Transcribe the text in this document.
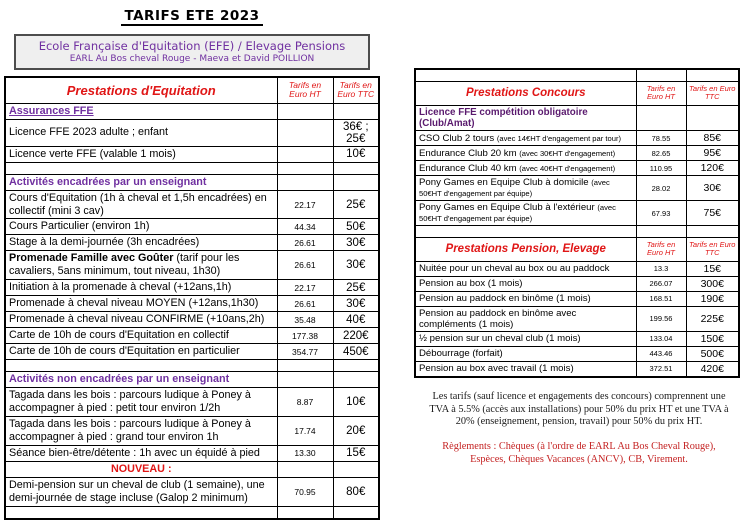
TARIFS ETE 2023
Ecole Française d'Equitation (EFE) / Elevage Pensions
EARL Au Bos cheval Rouge - Maeva et David POILLION
Prestations d'Equitation	Tarifs en Euro HT	Tarifs en Euro TTC
Assurances FFE		
Licence FFE 2023 adulte ; enfant		36€ ; 25€
Licence verte FFE (valable 1 mois)		10€

Activités encadrées par un enseignant		
Cours d'Equitation (1h à cheval et 1,5h encadrées) en collectif (mini 3 cav)	22.17	25€
Cours Particulier (environ 1h)	44.34	50€
Stage à la demi-journée (3h encadrées)	26.61	30€
Promenade Famille avec Goûter (tarif pour les cavaliers, 5ans minimum, tout niveau, 1h30)	26.61	30€
Initiation à la promenade à cheval (+12ans,1h)	22.17	25€
Promenade à cheval niveau MOYEN (+12ans,1h30)	26.61	30€
Promenade à cheval niveau CONFIRME (+10ans,2h)	35.48	40€
Carte de 10h de cours d'Equitation en collectif	177.38	220€
Carte de 10h de cours d'Equitation en particulier	354.77	450€

Activités non encadrées par un enseignant		
Tagada dans les bois : parcours ludique à Poney à accompagner à pied : petit tour environ 1/2h	8.87	10€
Tagada dans les bois : parcours ludique à Poney à accompagner à pied : grand tour environ 1h	17.74	20€
Séance bien-être/détente : 1h avec un équidé à pied	13.30	15€
NOUVEAU :		
Demi-pension sur un cheval de club (1 semaine), une demi-journée de stage incluse (Galop 2 minimum)	70.95	80€

Prestations Concours	Tarifs en Euro HT	Tarifs en Euro TTC
Licence FFE compétition obligatoire (Club/Amat)		
CSO Club 2 tours (avec 14€HT d'engagement par tour)	78.55	85€
Endurance Club 20 km (avec 30€HT d'engagement)	82.65	95€
Endurance Club 40 km (avec 40€HT d'engagement)	110.95	120€
Pony Games en Equipe Club à domicile (avec 50€HT d'engagement par équipe)	28.02	30€
Pony Games en Equipe Club à l'extérieur (avec 50€HT d'engagement par équipe)	67.93	75€

Prestations Pension, Elevage	Tarifs en Euro HT	Tarifs en Euro TTC
Nuitée pour un cheval au box ou au paddock	13.3	15€
Pension au box (1 mois)	266.07	300€
Pension au paddock en binôme (1 mois)	168.51	190€
Pension au paddock en binôme avec compléments (1 mois)	199.56	225€
½ pension sur un cheval club (1 mois)	133.04	150€
Débourrage (forfait)	443.46	500€
Pension au box avec travail (1 mois)	372.51	420€
Les tarifs (sauf licence et engagements des concours) comprennent une TVA à 5.5% (accès aux installations) pour 50% du prix HT et une TVA à 20% (enseignement, pension, travail) pour 50% du prix HT.
Règlements : Chèques (à l'ordre de EARL Au Bos Cheval Rouge), Espèces, Chèques Vacances (ANCV), CB, Virement.
